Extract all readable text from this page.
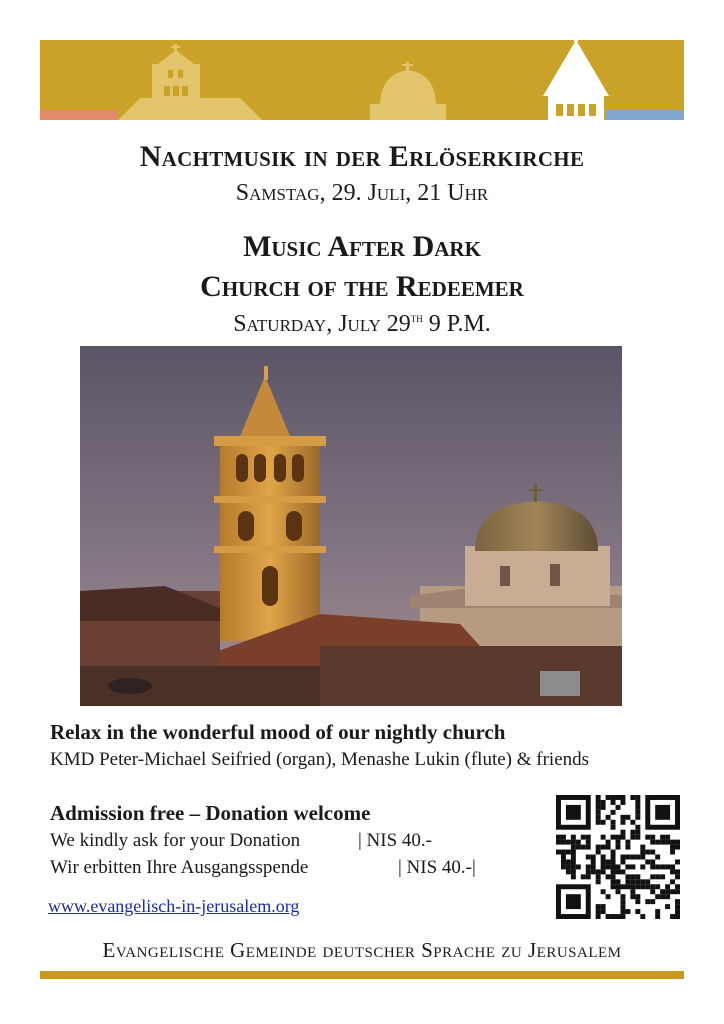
Nachtmusik in der Erlöserkirche
Samstag, 29. Juli, 21 Uhr
Music After Dark
Church of the Redeemer
Saturday, July 29th 9 P.M.
Relax in the wonderful mood of our nightly church
KMD Peter-Michael Seifried (organ), Menashe Lukin (flute) & friends
Admission free – Donation welcome
We kindly ask for your Donation	| NIS 40.-
Wir erbitten Ihre Ausgangsspende	| NIS 40.-|
www.evangelisch-in-jerusalem.org
Evangelische Gemeinde deutscher Sprache zu Jerusalem
